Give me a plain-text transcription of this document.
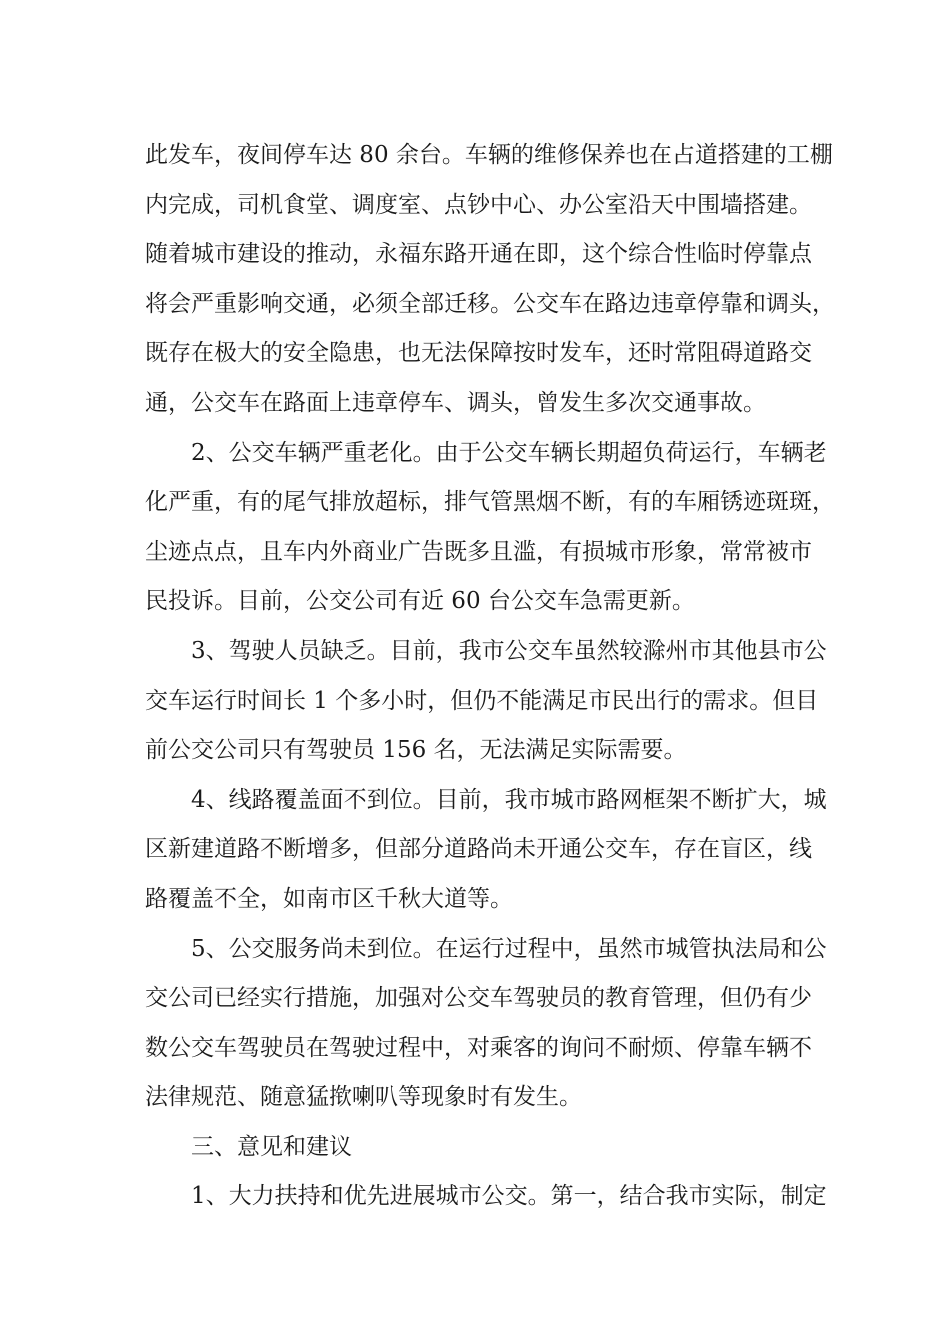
此发车，夜间停车达 80 余台。车辆的维修保养也在占道搭建的工棚
内完成，司机食堂、调度室、点钞中心、办公室沿天中围墙搭建。
随着城市建设的推动，永福东路开通在即，这个综合性临时停靠点
将会严重影响交通，必须全部迁移。公交车在路边违章停靠和调头，
既存在极大的安全隐患，也无法保障按时发车，还时常阻碍道路交
通，公交车在路面上违章停车、调头，曾发生多次交通事故。
2、公交车辆严重老化。由于公交车辆长期超负荷运行，车辆老
化严重，有的尾气排放超标，排气管黑烟不断，有的车厢锈迹斑斑，
尘迹点点，且车内外商业广告既多且滥，有损城市形象，常常被市
民投诉。目前，公交公司有近 60 台公交车急需更新。
3、驾驶人员缺乏。目前，我市公交车虽然较滁州市其他县市公
交车运行时间长 1 个多小时，但仍不能满足市民出行的需求。但目
前公交公司只有驾驶员 156 名，无法满足实际需要。
4、线路覆盖面不到位。目前，我市城市路网框架不断扩大，城
区新建道路不断增多，但部分道路尚未开通公交车，存在盲区，线
路覆盖不全，如南市区千秋大道等。
5、公交服务尚未到位。在运行过程中，虽然市城管执法局和公
交公司已经实行措施，加强对公交车驾驶员的教育管理，但仍有少
数公交车驾驶员在驾驶过程中，对乘客的询问不耐烦、停靠车辆不
法律规范、随意猛揿喇叭等现象时有发生。
三、意见和建议
1、大力扶持和优先进展城市公交。第一，结合我市实际，制定
